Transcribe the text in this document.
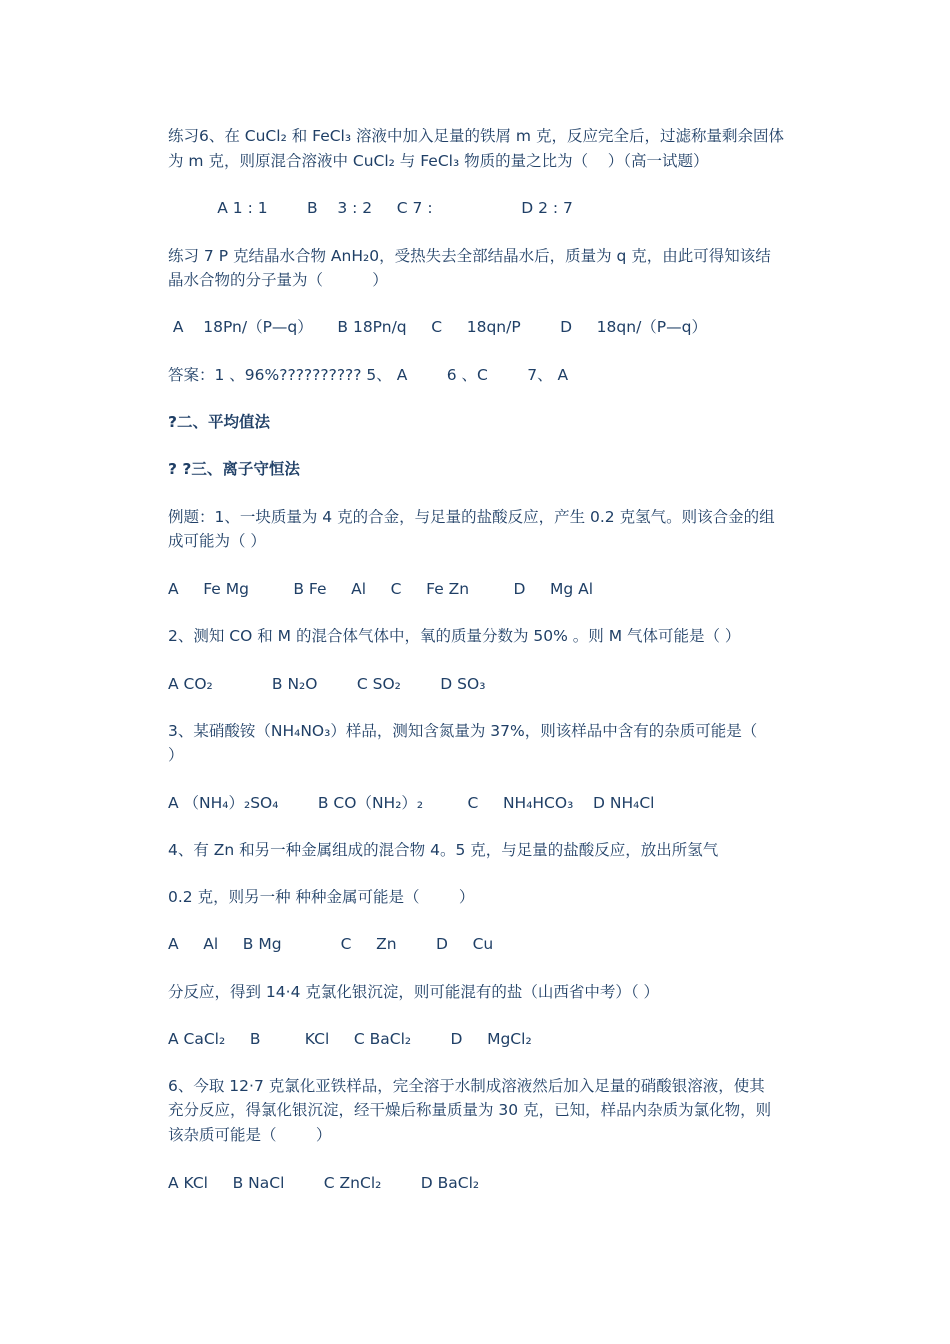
练习6、在 CuCl₂ 和 FeCl₃ 溶液中加入足量的铁屑 m 克，反应完全后，过滤称量剩余固体
为 m 克，则原混合溶液中 CuCl₂ 与 FeCl₃ 物质的量之比为（    ）（高一试题）
A 1 : 1        B    3 : 2     C 7 :                  D 2 : 7
练习 7 P 克结晶水合物 AnH₂0，受热失去全部结晶水后，质量为 q 克，由此可得知该结
晶水合物的分子量为（          ）
A    18Pn/（P—q）     B 18Pn/q     C     18qn/P        D     18qn/（P—q）
答案：1 、96%?????????? 5、 A        6 、C        7、 A
?二、平均值法
? ?三、离子守恒法
例题：1、一块质量为 4 克的合金，与足量的盐酸反应，产生 0.2 克氢气。则该合金的组
成可能为（ ）
A     Fe Mg         B Fe     Al     C     Fe Zn         D     Mg Al
2、测知 CO 和 M 的混合体气体中，氧的质量分数为 50% 。则 M 气体可能是（ ）
A CO₂            B N₂O        C SO₂        D SO₃
3、某硝酸铵（NH₄NO₃）样品，测知含氮量为 37%，则该样品中含有的杂质可能是（
）
A （NH₄）₂SO₄        B CO（NH₂）₂         C     NH₄HCO₃    D NH₄Cl
4、有 Zn 和另一种金属组成的混合物 4。5 克，与足量的盐酸反应，放出所氢气
0.2 克，则另一种 种种金属可能是（        ）
A     Al     B Mg            C     Zn        D     Cu
分反应，得到 14·4 克氯化银沉淀，则可能混有的盐（山西省中考）（ ）
A CaCl₂     B         KCl     C BaCl₂        D     MgCl₂
6、今取 12·7 克氯化亚铁样品，完全溶于水制成溶液然后加入足量的硝酸银溶液，使其
充分反应，得氯化银沉淀，经干燥后称量质量为 30 克，已知，样品内杂质为氯化物，则
该杂质可能是（        ）
A KCl     B NaCl        C ZnCl₂        D BaCl₂
